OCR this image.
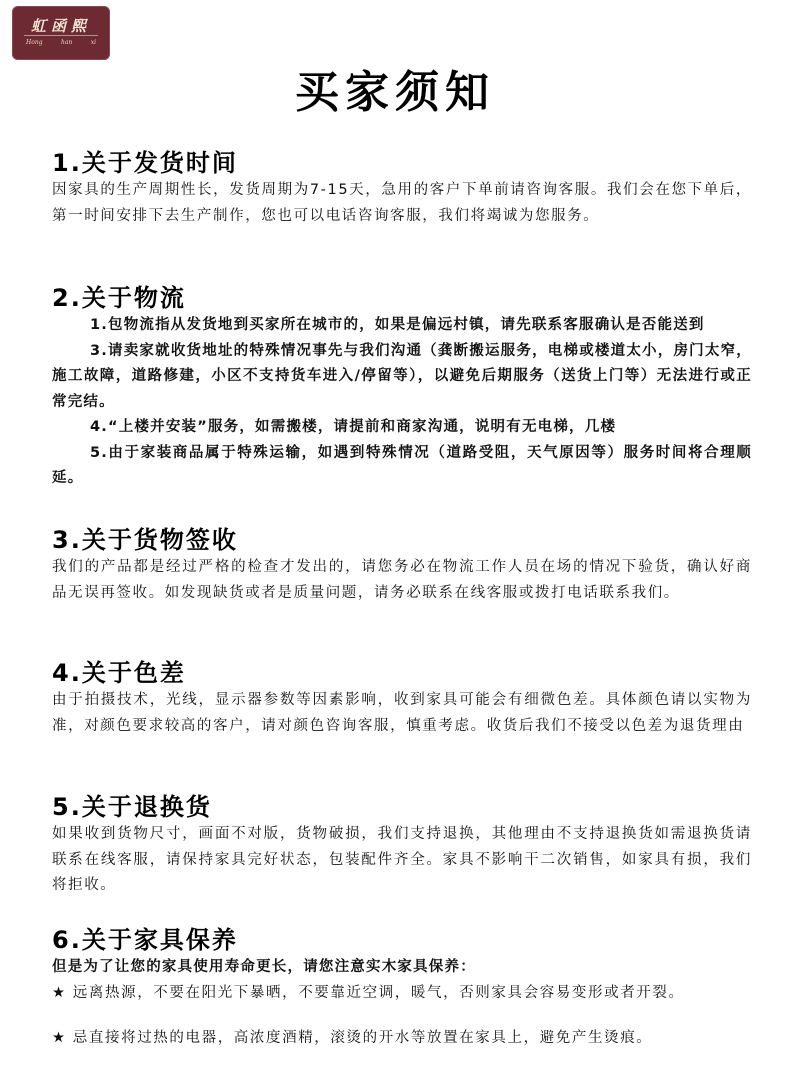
虹函熙
Hong	han	xi
买家须知
1.关于发货时间

因家具的生产周期性长，发货周期为7-15天，急用的客户下单前请咨询客服。我们会在您下单后，第一时间安排下去生产制作，您也可以电话咨询客服，我们将竭诚为您服务。

2.关于物流

1.包物流指从发货地到买家所在城市的，如果是偏远村镇，请先联系客服确认是否能送到

3.请卖家就收货地址的特殊情况事先与我们沟通（龚断搬运服务，电梯或楼道太小，房门太窄，施工故障，道路修建，小区不支持货车进入/停留等），以避免后期服务（送货上门等）无法进行或正常完结。

4.“上楼并安装”服务，如需搬楼，请提前和商家沟通，说明有无电梯，几楼

5.由于家装商品属于特殊运输，如遇到特殊情况（道路受阻，天气原因等）服务时间将合理顺延。

3.关于货物签收

我们的产品都是经过严格的检查才发出的，请您务必在物流工作人员在场的情况下验货，确认好商品无误再签收。如发现缺货或者是质量问题，请务必联系在线客服或拨打电话联系我们。

4.关于色差

由于拍摄技术，光线，显示器参数等因素影响，收到家具可能会有细微色差。具体颜色请以实物为准，对颜色要求较高的客户，请对颜色咨询客服，慎重考虑。收货后我们不接受以色差为退货理由

5.关于退换货

如果收到货物尺寸，画面不对版，货物破损，我们支持退换，其他理由不支持退换货如需退换货请联系在线客服，请保持家具完好状态，包装配件齐全。家具不影响干二次销售，如家具有损，我们将拒收。

6.关于家具保养

但是为了让您的家具使用寿命更长，请您注意实木家具保养：

★ 远离热源，不要在阳光下暴晒，不要靠近空调，暖气，否则家具会容易变形或者开裂。

★ 忌直接将过热的电器，高浓度酒精，滚烫的开水等放置在家具上，避免产生烫痕。
